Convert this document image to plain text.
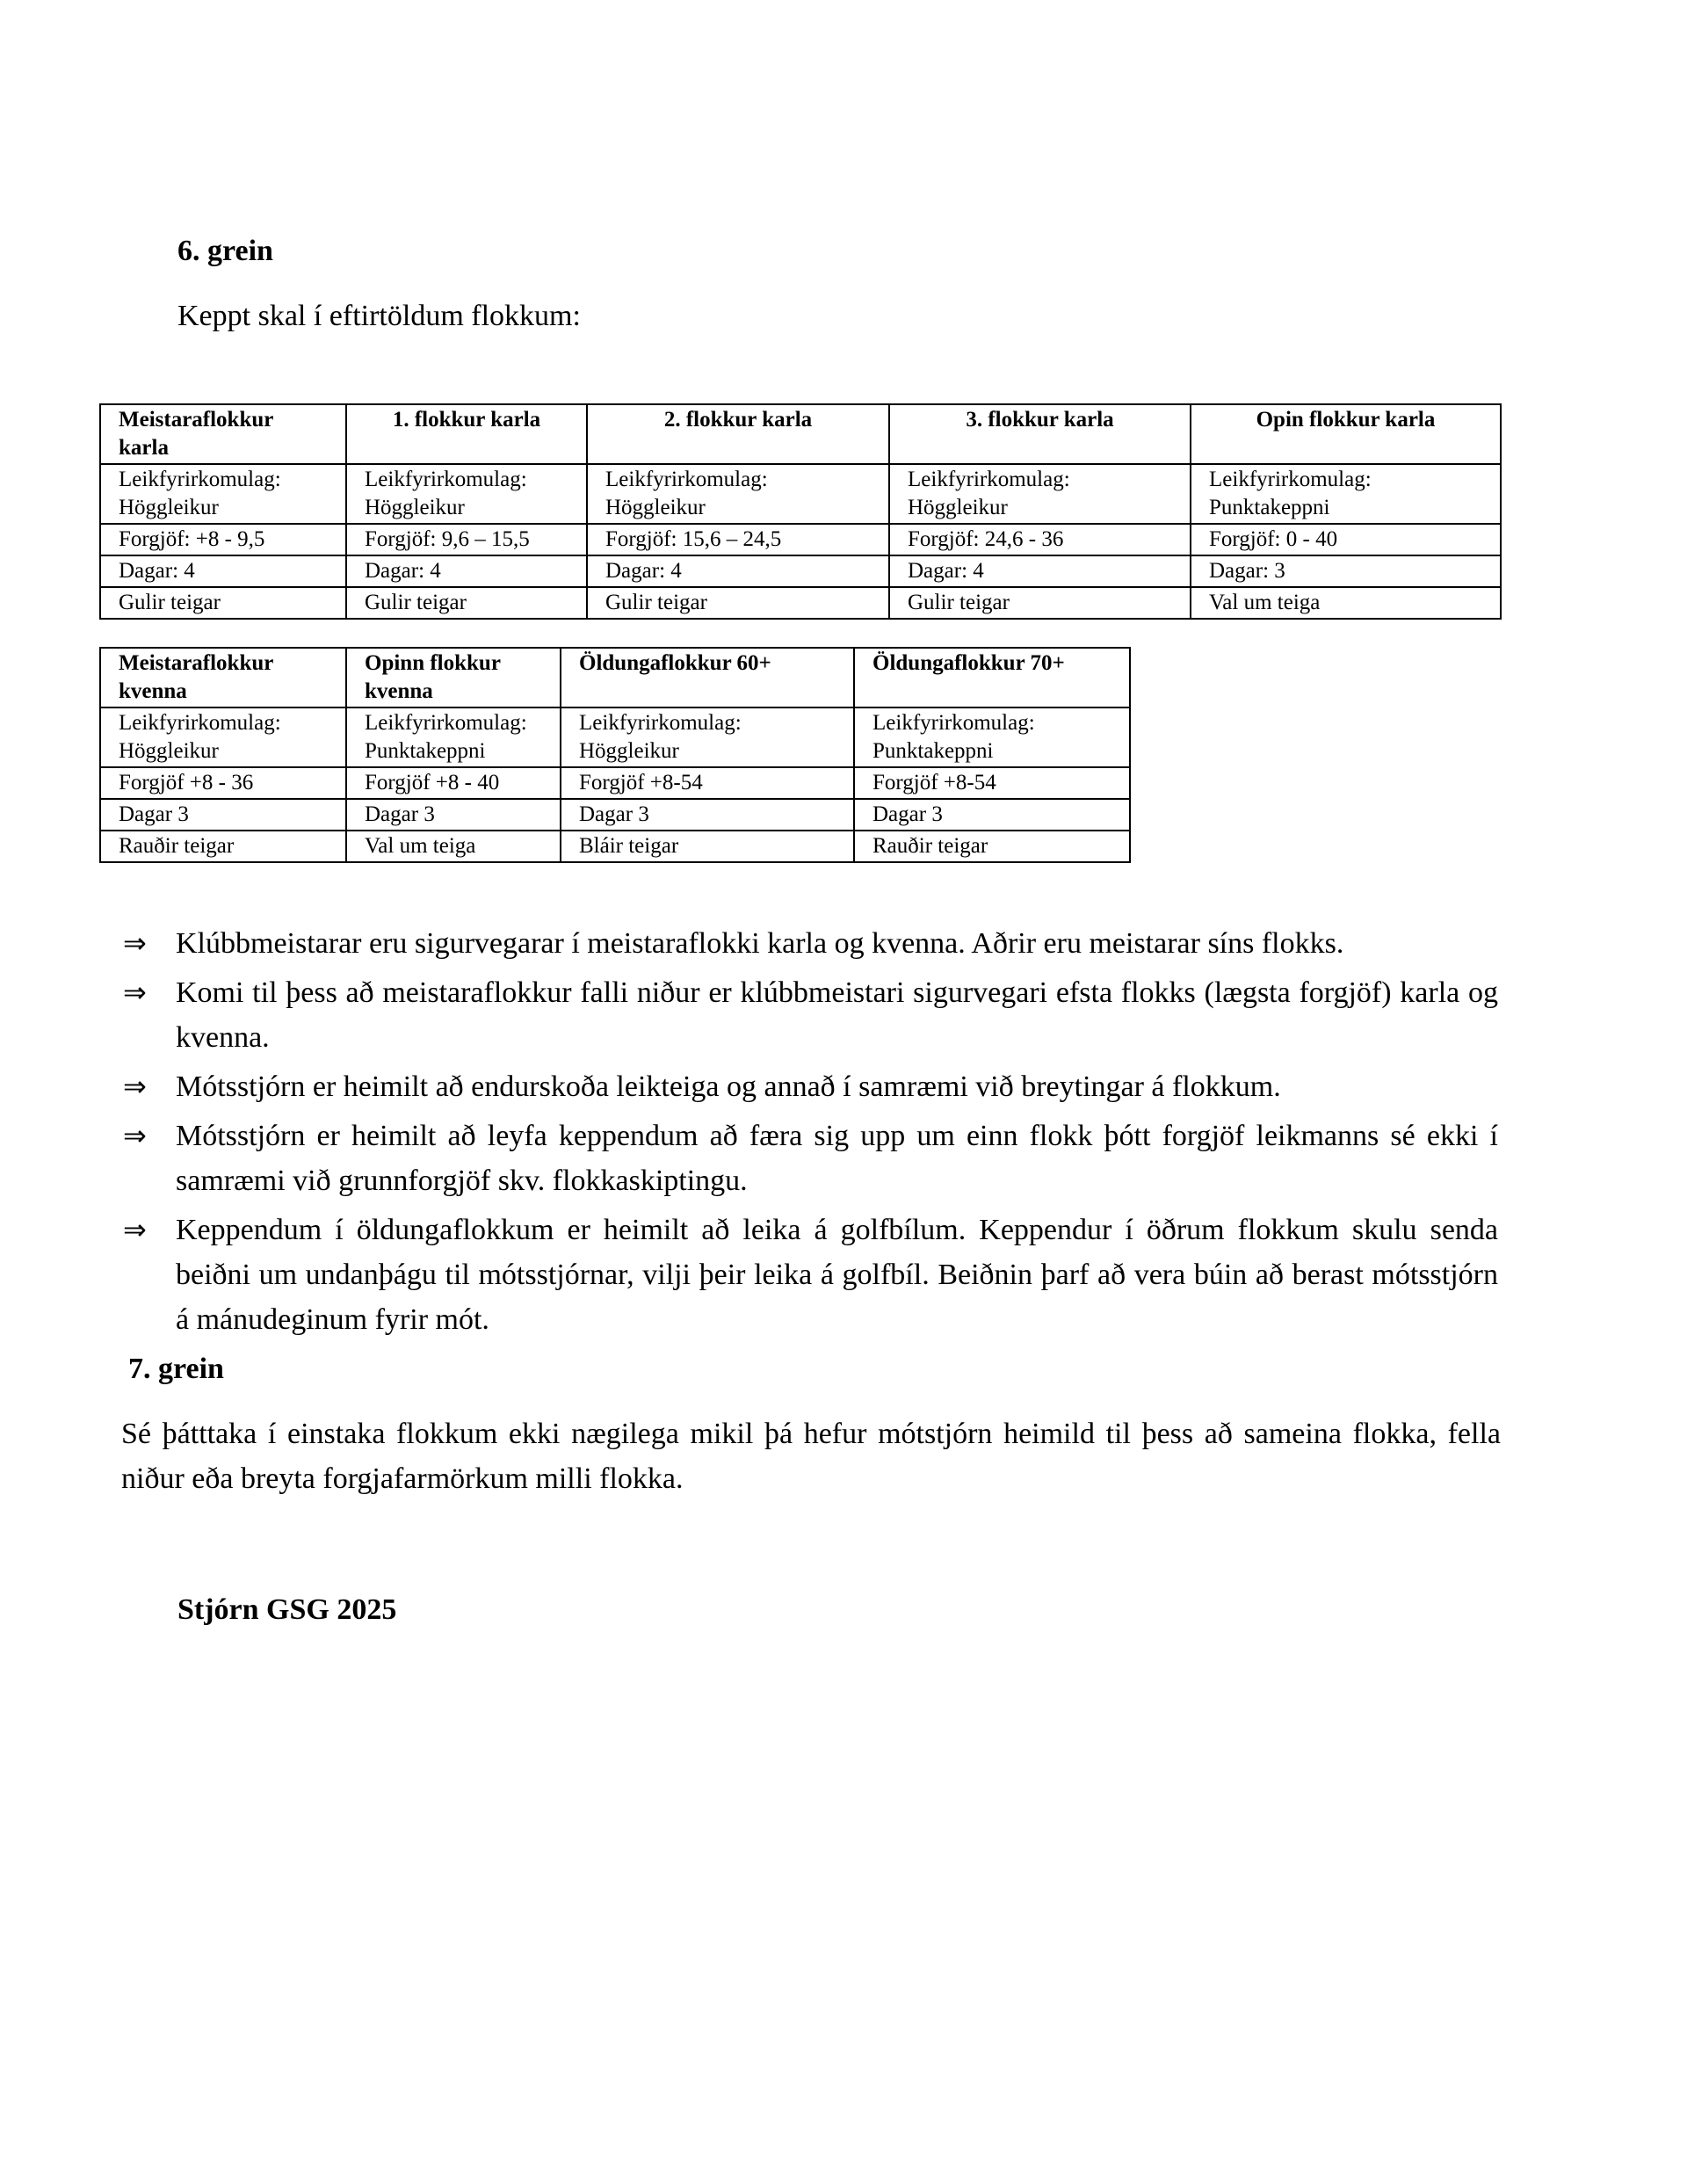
6. grein
Keppt skal í eftirtöldum flokkum:
Meistaraflokkur karla	1. flokkur karla	2. flokkur karla	3. flokkur karla	Opin flokkur karla
Leikfyrirkomulag: Höggleikur	Leikfyrirkomulag: Höggleikur	Leikfyrirkomulag: Höggleikur	Leikfyrirkomulag: Höggleikur	Leikfyrirkomulag: Punktakeppni
Forgjöf: +8 - 9,5	Forgjöf: 9,6 – 15,5	Forgjöf: 15,6 – 24,5	Forgjöf: 24,6 - 36	Forgjöf: 0 - 40
Dagar: 4	Dagar: 4	Dagar: 4	Dagar: 4	Dagar: 3
Gulir teigar	Gulir teigar	Gulir teigar	Gulir teigar	Val um teiga
Meistaraflokkur kvenna	Opinn flokkur kvenna	Öldungaflokkur 60+	Öldungaflokkur 70+
Leikfyrirkomulag: Höggleikur	Leikfyrirkomulag: Punktakeppni	Leikfyrirkomulag: Höggleikur	Leikfyrirkomulag: Punktakeppni
Forgjöf +8 - 36	Forgjöf +8 - 40	Forgjöf +8-54	Forgjöf +8-54
Dagar 3	Dagar 3	Dagar 3	Dagar 3
Rauðir teigar	Val um teiga	Bláir teigar	Rauðir teigar
⇒ Klúbbmeistarar eru sigurvegarar í meistaraflokki karla og kvenna. Aðrir eru meistarar síns flokks.
⇒ Komi til þess að meistaraflokkur falli niður er klúbbmeistari sigurvegari efsta flokks (lægsta forgjöf) karla og kvenna.
⇒ Mótsstjórn er heimilt að endurskoða leikteiga og annað í samræmi við breytingar á flokkum.
⇒ Mótsstjórn er heimilt að leyfa keppendum að færa sig upp um einn flokk þótt forgjöf leikmanns sé ekki í samræmi við grunnforgjöf skv. flokkaskiptingu.
⇒ Keppendum í öldungaflokkum er heimilt að leika á golfbílum. Keppendur í öðrum flokkum skulu senda beiðni um undanþágu til mótsstjórnar, vilji þeir leika á golfbíl. Beiðnin þarf að vera búin að berast mótsstjórn á mánudeginum fyrir mót.
7. grein
Sé þátttaka í einstaka flokkum ekki nægilega mikil þá hefur mótstjórn heimild til þess að sameina flokka, fella niður eða breyta forgjafarmörkum milli flokka.
Stjórn GSG 2025
